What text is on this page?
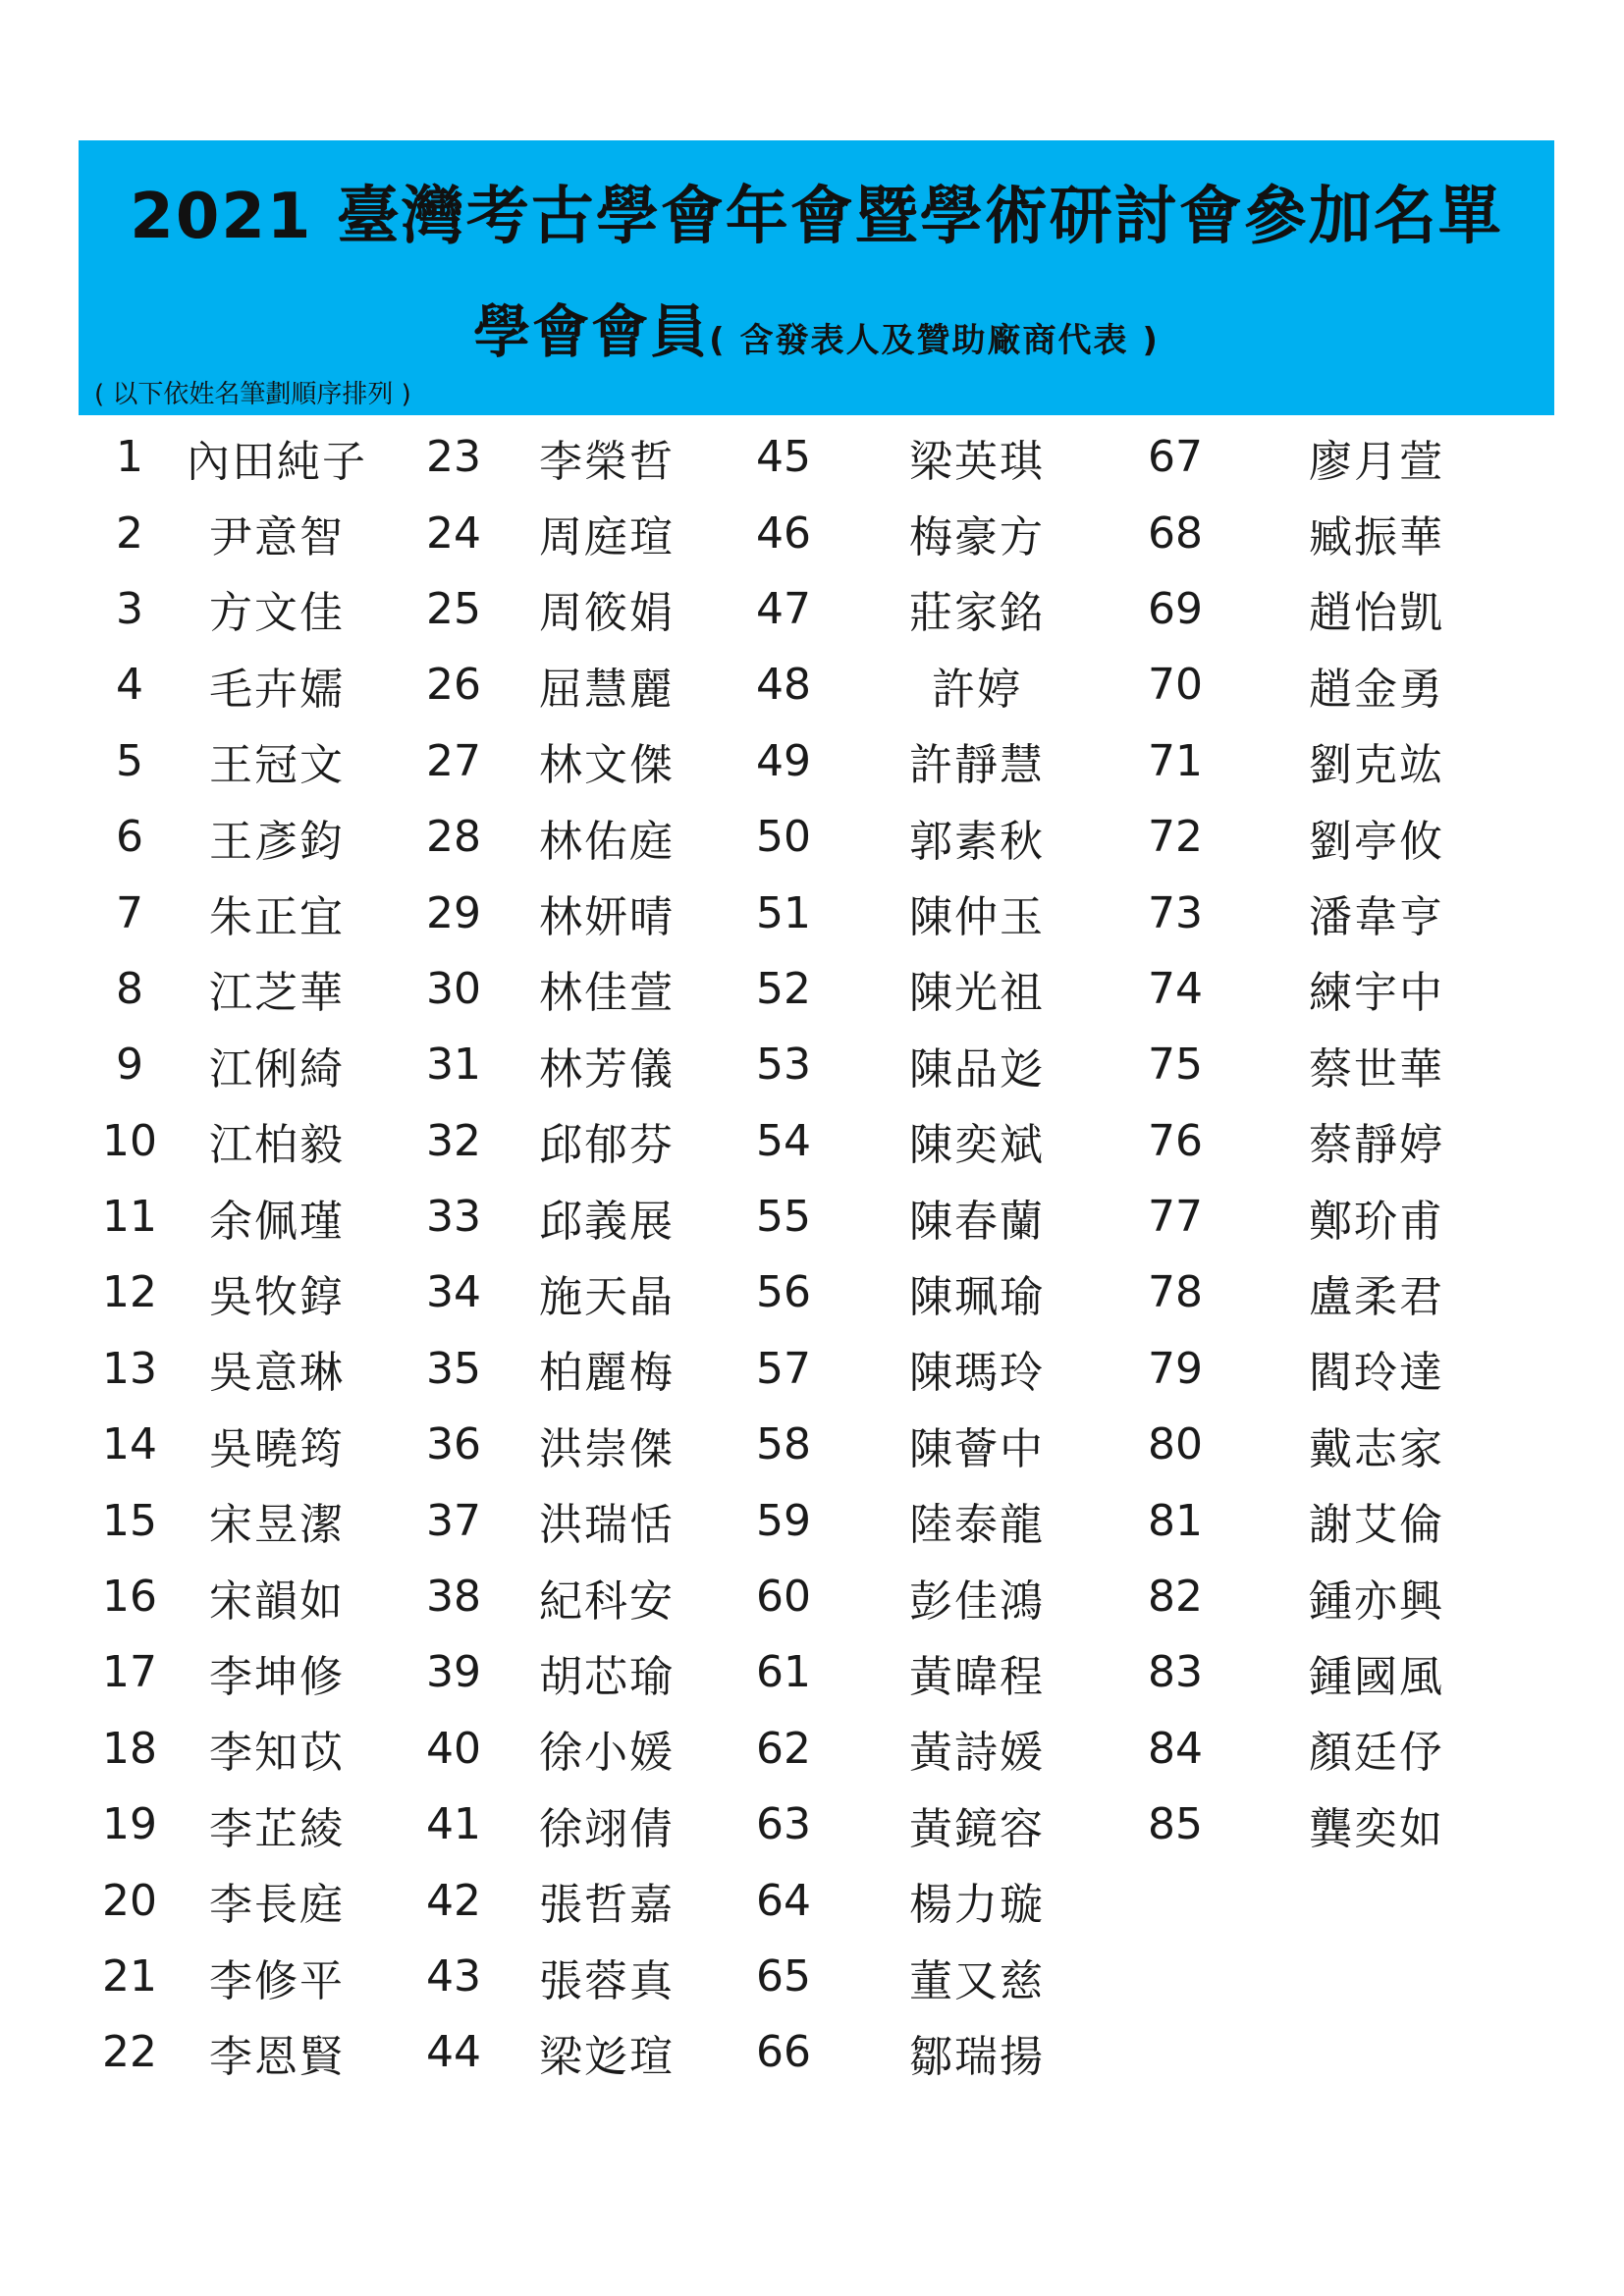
2021 臺灣考古學會年會暨學術研討會參加名單
學會會員( 含發表人及贊助廠商代表 )
( 以下依姓名筆劃順序排列 )
1	內田純子
2	尹意智
3	方文佳
4	毛卉嬬
5	王冠文
6	王彥鈞
7	朱正宜
8	江芝華
9	江俐綺
10	江柏毅
11	余佩瑾
12	吳牧錞
13	吳意琳
14	吳曉筠
15	宋昱潔
16	宋韻如
17	李坤修
18	李知苡
19	李芷綾
20	李長庭
21	李修平
22	李恩賢
23	李榮哲
24	周庭瑄
25	周筱娟
26	屈慧麗
27	林文傑
28	林佑庭
29	林妍晴
30	林佳萱
31	林芳儀
32	邱郁芬
33	邱義展
34	施天晶
35	柏麗梅
36	洪崇傑
37	洪瑞恬
38	紀科安
39	胡芯瑜
40	徐小媛
41	徐翊倩
42	張哲嘉
43	張蓉真
44	梁彣瑄
45	梁英琪
46	梅豪方
47	莊家銘
48	許婷
49	許靜慧
50	郭素秋
51	陳仲玉
52	陳光祖
53	陳品彣
54	陳奕斌
55	陳春蘭
56	陳珮瑜
57	陳瑪玲
58	陳薈中
59	陸泰龍
60	彭佳鴻
61	黃暐程
62	黃詩媛
63	黃鏡容
64	楊力璇
65	董又慈
66	鄒瑞揚
67	廖月萱
68	臧振華
69	趙怡凱
70	趙金勇
71	劉克竑
72	劉亭攸
73	潘韋亨
74	練宇中
75	蔡世華
76	蔡靜婷
77	鄭玠甫
78	盧柔君
79	閻玲達
80	戴志家
81	謝艾倫
82	鍾亦興
83	鍾國風
84	顏廷伃
85	龔奕如
